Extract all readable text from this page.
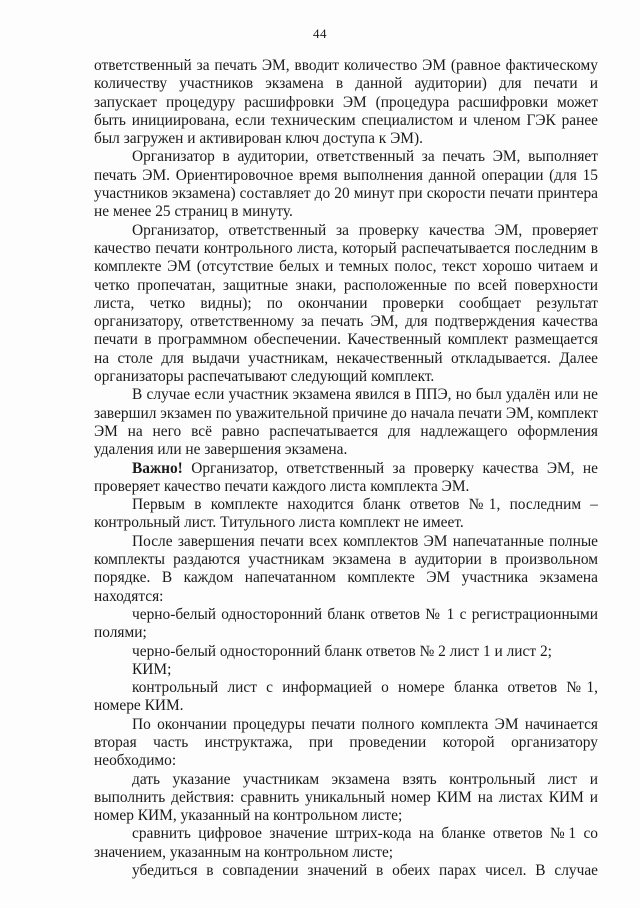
44

ответственный за печать ЭМ, вводит количество ЭМ (равное фактическому количеству участников экзамена в данной аудитории) для печати и запускает процедуру расшифровки ЭМ (процедура расшифровки может быть инициирована, если техническим специалистом и членом ГЭК ранее был загружен и активирован ключ доступа к ЭМ).

Организатор в аудитории, ответственный за печать ЭМ, выполняет печать ЭМ. Ориентировочное время выполнения данной операции (для 15 участников экзамена) составляет до 20 минут при скорости печати принтера не менее 25 страниц в минуту.

Организатор, ответственный за проверку качества ЭМ, проверяет качество печати контрольного листа, который распечатывается последним в комплекте ЭМ (отсутствие белых и темных полос, текст хорошо читаем и четко пропечатан, защитные знаки, расположенные по всей поверхности листа, четко видны); по окончании проверки сообщает результат организатору, ответственному за печать ЭМ, для подтверждения качества печати в программном обеспечении. Качественный комплект размещается на столе для выдачи участникам, некачественный откладывается. Далее организаторы распечатывают следующий комплект.

В случае если участник экзамена явился в ППЭ, но был удалён или не завершил экзамен по уважительной причине до начала печати ЭМ, комплект ЭМ на него всё равно распечатывается для надлежащего оформления удаления или не завершения экзамена.

Важно! Организатор, ответственный за проверку качества ЭМ, не проверяет качество печати каждого листа комплекта ЭМ.

Первым в комплекте находится бланк ответов №1, последним – контрольный лист. Титульного листа комплект не имеет.

После завершения печати всех комплектов ЭМ напечатанные полные комплекты раздаются участникам экзамена в аудитории в произвольном порядке. В каждом напечатанном комплекте ЭМ участника экзамена находятся:

черно-белый односторонний бланк ответов № 1 с регистрационными полями;

черно-белый односторонний бланк ответов № 2 лист 1 и лист 2;

КИМ;

контрольный лист с информацией о номере бланка ответов №1, номере КИМ.

По окончании процедуры печати полного комплекта ЭМ начинается вторая часть инструктажа, при проведении которой организатору необходимо:

дать указание участникам экзамена взять контрольный лист и выполнить действия: сравнить уникальный номер КИМ на листах КИМ и номер КИМ, указанный на контрольном листе;

сравнить цифровое значение штрих-кода на бланке ответов №1 со значением, указанным на контрольном листе;

убедиться в совпадении значений в обеих парах чисел. В случае
